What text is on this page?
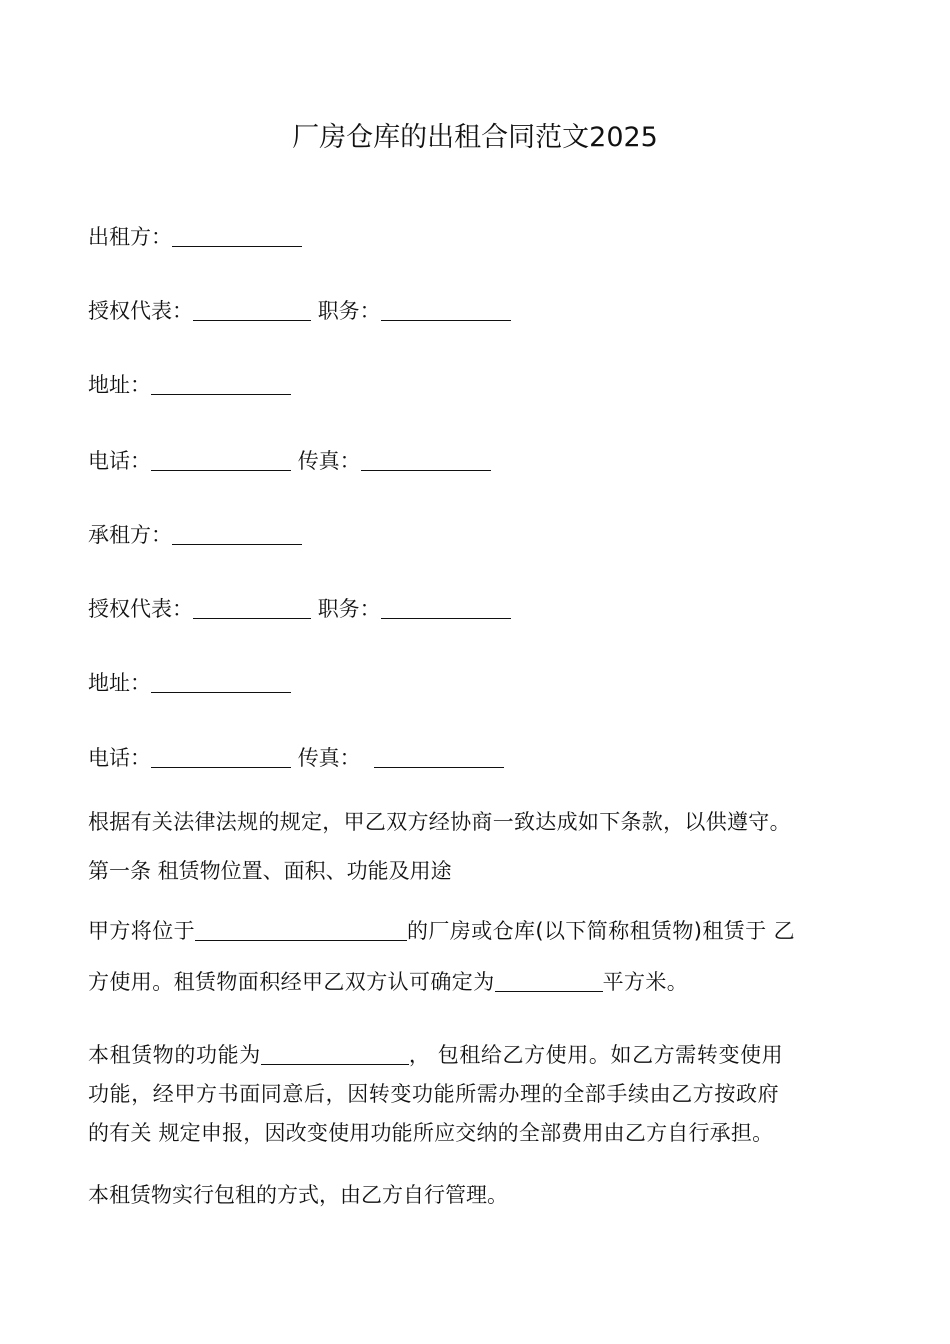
厂房仓库的出租合同范文2025
出租方：
授权代表：	职务：
地址：
电话：	传真：
承租方：
授权代表：	职务：
地址：
电话：	传真：
根据有关法律法规的规定，甲乙双方经协商一致达成如下条款，以供遵守。
第一条 租赁物位置、面积、功能及用途
甲方将位于	的厂房或仓库(以下简称租赁物)租赁于 乙
方使用。租赁物面积经甲乙双方认可确定为	平方米。
本租赁物的功能为	， 包租给乙方使用。如乙方需转变使用
功能，经甲方书面同意后，因转变功能所需办理的全部手续由乙方按政府
的有关 规定申报，因改变使用功能所应交纳的全部费用由乙方自行承担。
本租赁物实行包租的方式，由乙方自行管理。
